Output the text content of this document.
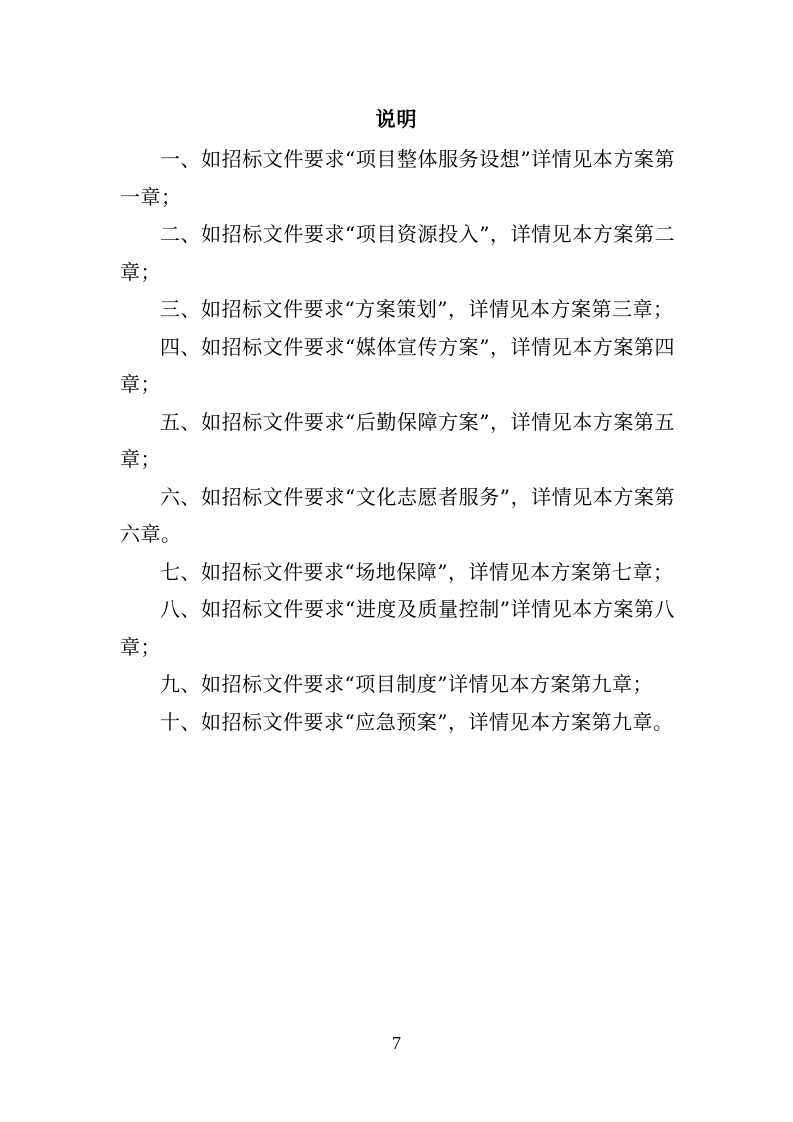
说明

一、如招标文件要求“项目整体服务设想”详情见本方案第一章；

二、如招标文件要求“项目资源投入”，详情见本方案第二章；

三、如招标文件要求“方案策划”，详情见本方案第三章；

四、如招标文件要求“媒体宣传方案”，详情见本方案第四章；

五、如招标文件要求“后勤保障方案”，详情见本方案第五章；

六、如招标文件要求“文化志愿者服务”，详情见本方案第六章。

七、如招标文件要求“场地保障”，详情见本方案第七章；

八、如招标文件要求“进度及质量控制”详情见本方案第八章；

九、如招标文件要求“项目制度”详情见本方案第九章；

十、如招标文件要求“应急预案”，详情见本方案第九章。

7
